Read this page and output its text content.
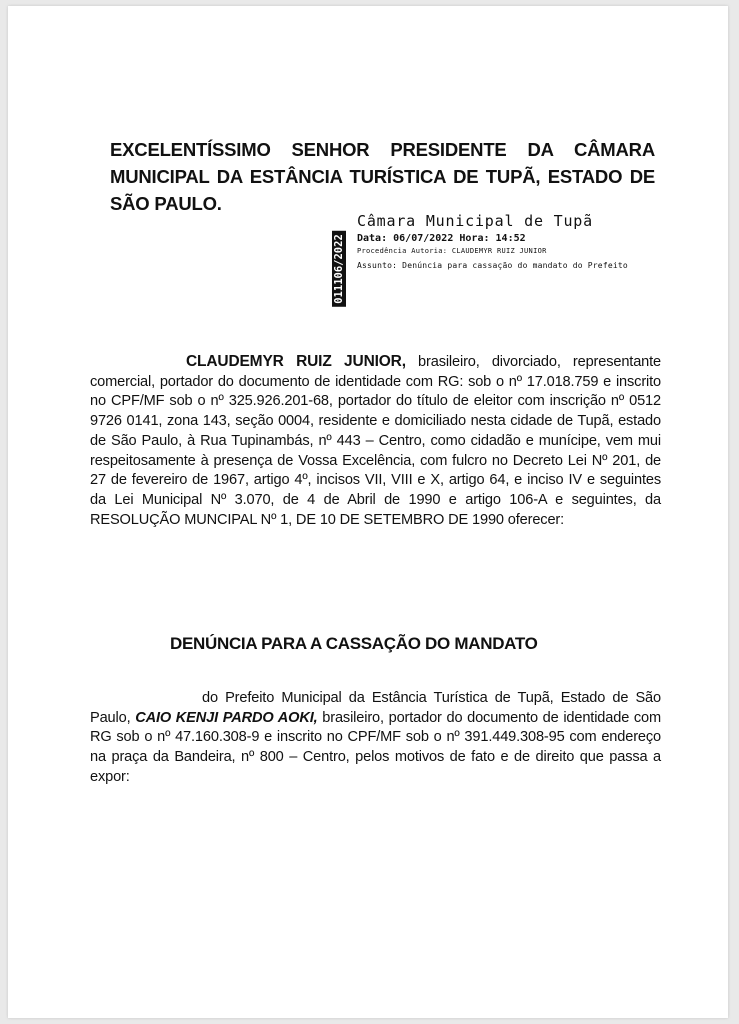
EXCELENTÍSSIMO SENHOR PRESIDENTE DA CÂMARA
MUNICIPAL DA ESTÂNCIA TURÍSTICA DE TUPÃ, ESTADO DE
SÃO PAULO.
011106/2022
Câmara Municipal de Tupã
Data: 06/07/2022 Hora: 14:52
Procedência Autoria: CLAUDEMYR RUIZ JUNIOR
Assunto: Denúncia para cassação do mandato do Prefeito
CLAUDEMYR RUIZ JUNIOR, brasileiro, divorciado, representante comercial, portador do documento de identidade com RG: sob o nº 17.018.759 e inscrito no CPF/MF sob o nº 325.926.201-68, portador do título de eleitor com inscrição nº 0512 9726 0141, zona 143, seção 0004, residente e domiciliado nesta cidade de Tupã, estado de São Paulo, à Rua Tupinambás, nº 443 – Centro, como cidadão e munícipe, vem mui respeitosamente à presença de Vossa Excelência, com fulcro no Decreto Lei Nº 201, de 27 de fevereiro de 1967, artigo 4º, incisos VII, VIII e X, artigo 64, e inciso IV e seguintes da Lei Municipal Nº 3.070, de 4 de Abril de 1990 e artigo 106-A e seguintes, da RESOLUÇÃO MUNCIPAL Nº 1, DE 10 DE SETEMBRO DE 1990 oferecer:
DENÚNCIA PARA A CASSAÇÃO DO MANDATO
do Prefeito Municipal da Estância Turística de Tupã, Estado de São Paulo, CAIO KENJI PARDO AOKI, brasileiro, portador do documento de identidade com RG sob o nº 47.160.308-9 e inscrito no CPF/MF sob o nº 391.449.308-95 com endereço na praça da Bandeira, nº 800 – Centro, pelos motivos de fato e de direito que passa a expor:
